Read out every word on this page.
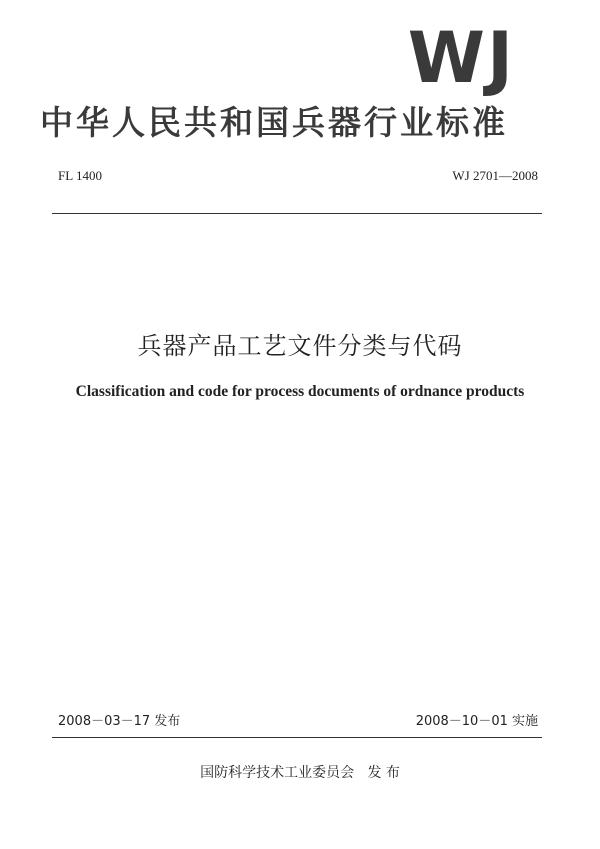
WJ
中华人民共和国兵器行业标准
FL 1400	WJ 2701—2008
兵器产品工艺文件分类与代码
Classification and code for process documents of ordnance products
2008－03－17 发布	2008－10－01 实施
国防科学技术工业委员会   发 布
